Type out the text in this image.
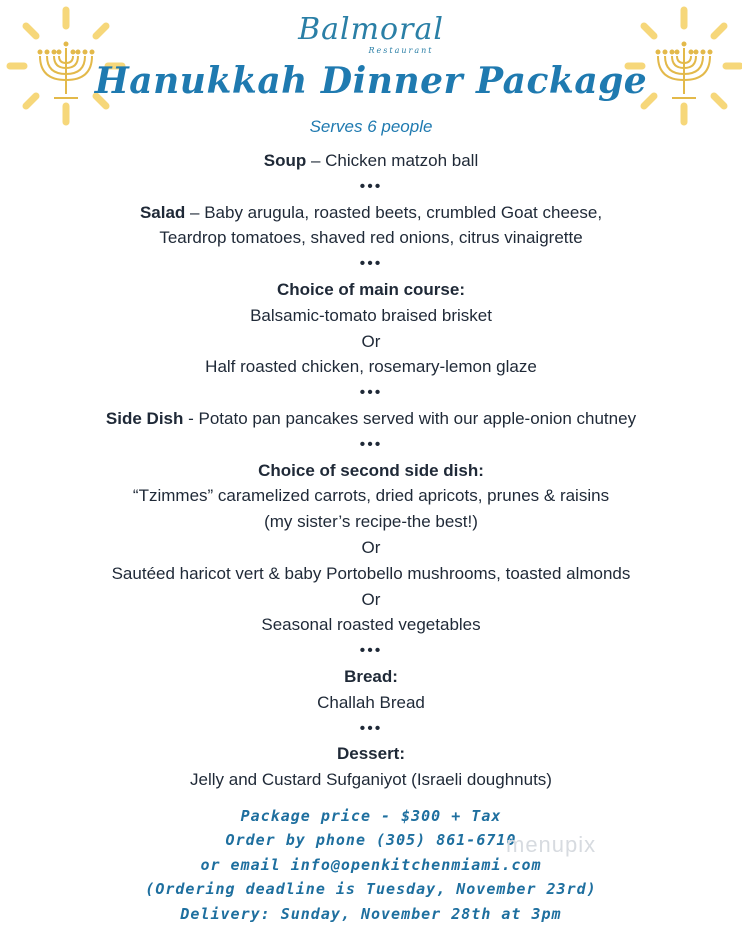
Balmoral
Restaurant
Hanukkah Dinner Package
Serves 6 people
Soup – Chicken matzoh ball
•••
Salad – Baby arugula, roasted beets, crumbled Goat cheese,
Teardrop tomatoes, shaved red onions, citrus vinaigrette
•••
Choice of main course:
Balsamic-tomato braised brisket
Or
Half roasted chicken, rosemary-lemon glaze
•••
Side Dish - Potato pan pancakes served with our apple-onion chutney
•••
Choice of second side dish:
“Tzimmes” caramelized carrots, dried apricots, prunes & raisins
(my sister’s recipe-the best!)
Or
Sautéed haricot vert & baby Portobello mushrooms, toasted almonds
Or
Seasonal roasted vegetables
•••
Bread:
Challah Bread
•••
Dessert:
Jelly and Custard Sufganiyot (Israeli doughnuts)
Package price - $300 + Tax
Order by phone (305) 861-6710
or email info@openkitchenmiami.com
(Ordering deadline is Tuesday, November 23rd)
Delivery: Sunday, November 28th at 3pm
menupix
